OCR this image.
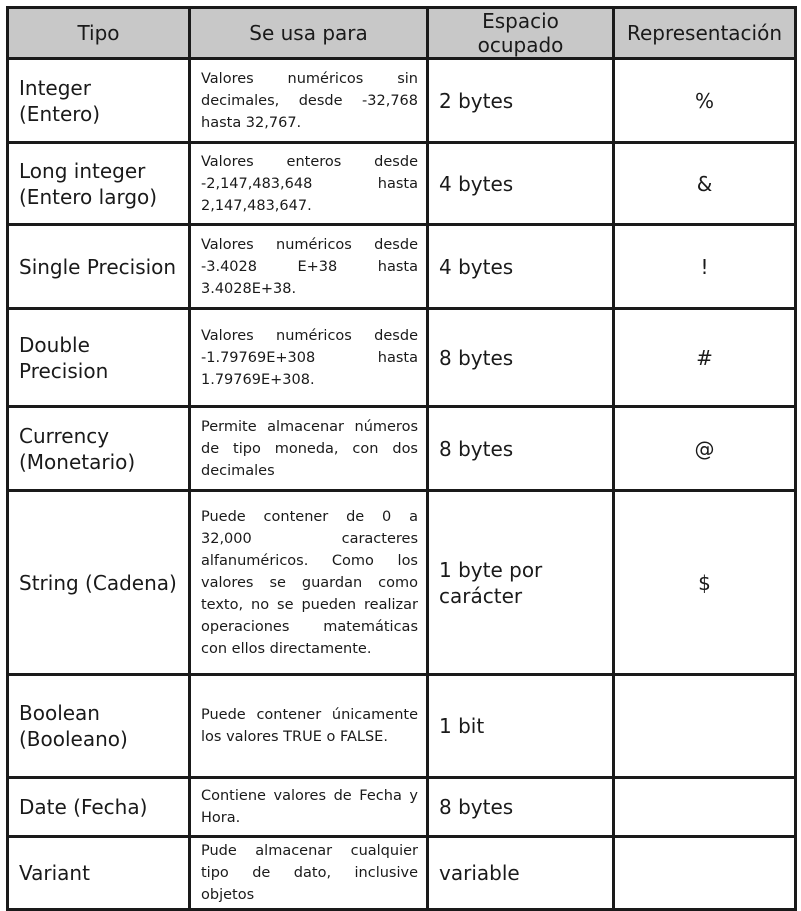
Tipo	Se usa para	Espacio ocupado	Representación
Integer (Entero)	Valores numéricos sin decimales, desde -32,768 hasta 32,767.	2 bytes	%
Long integer (Entero largo)	Valores enteros desde -2,147,483,648 hasta 2,147,483,647.	4 bytes	&
Single Precision	Valores numéricos desde -3.4028 E+38 hasta 3.4028E+38.	4 bytes	!
Double Precision	Valores numéricos desde -1.79769E+308 hasta 1.79769E+308.	8 bytes	#
Currency (Monetario)	Permite almacenar números de tipo moneda, con dos decimales	8 bytes	@
String (Cadena)	Puede contener de 0 a 32,000 caracteres alfanuméricos. Como los valores se guardan como texto, no se pueden realizar operaciones matemáticas con ellos directamente.	1 byte por carácter	$
Boolean (Booleano)	Puede contener únicamente los valores TRUE o FALSE.	1 bit	
Date (Fecha)	Contiene valores de Fecha y Hora.	8 bytes	
Variant	Pude almacenar cualquier tipo de dato, inclusive objetos	variable	
